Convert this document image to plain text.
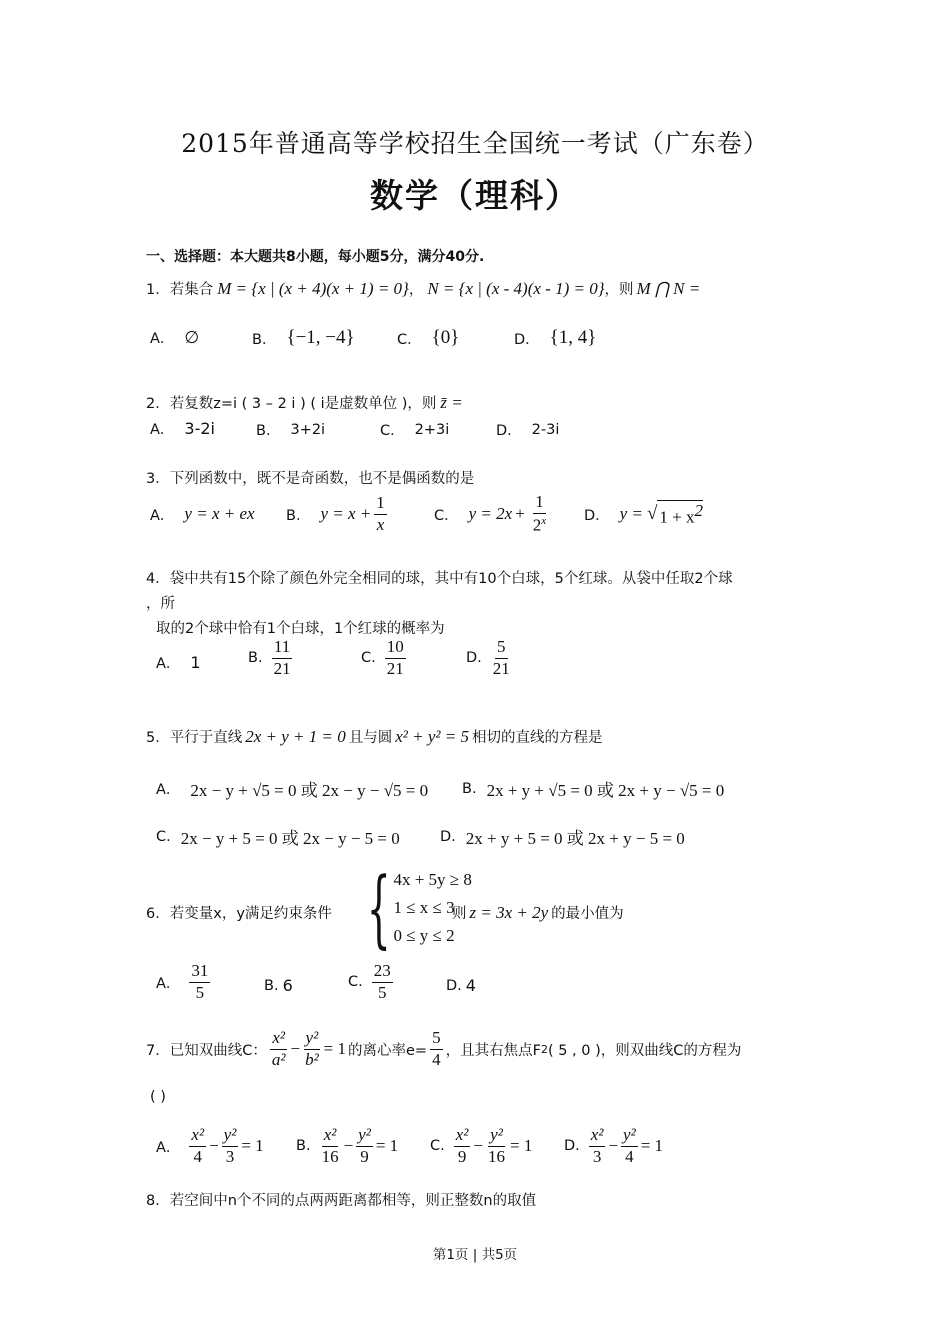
2015年普通高等学校招生全国统一考试（广东卷）
数学（理科）
一、选择题：本大题共8小题，每小题5分，满分40分.
1． 若集合 M = {x | (x + 4)(x + 1) = 0} ， N = {x | (x - 4)(x - 1) = 0} ，则 M ⋂ N =
A． ∅	B． {−1, −4}	C． {0}	D． {1, 4}
2． 若复数z=i ( 3 – 2 i ) ( i是虚数单位 )，则 z̄ =
A． 3-2i	B． 3+2i	C． 2+3i	D． 2-3i
3． 下列函数中，既不是奇函数，也不是偶函数的是
A． y = x + e x B． $y = x + \frac{1}{x}$	C． y = 2 $x + \frac{1}{2^x}$ D． y = √ $1 + x^2$
4． 袋中共有15个除了颜色外完全相同的球，其中有10个白球，5个红球。从袋中任取2个球
，所
取的2个球中恰有1个白球，1个红球的概率为
A． 1	B. $\frac{11}{21}$	C. $\frac{10}{21}$	D. $\frac{5}{21}$
5． 平行于直线 2x + y + 1 = 0 且与圆 x² + y² = 5 相切的直线的方程是
A． 2x − y + √5 = 0 或 2x − y − √5 = 0 B. 2x + y + √5 = 0 或 2x + y − √5 = 0
C. 2x − y + 5 = 0 或 2x − y − 5 = 0	D. 2x + y + 5 = 0 或 2x + y − 5 = 0
6． 若变量x，y满足约束条件 { 4x + 5y ≥ 8
1 ≤ x ≤ 3
0 ≤ y ≤ 2
则 z = 3x + 2y 的最小值为
A． $\frac{31}{5}$	B. 6	C. $\frac{23}{5}$	D. 4
7． 已知双曲线C： $\frac{\text{x²}}{\text{a²}} - \frac{\text{y²}}{\text{b²}} = 1$ 的离心率$e= \frac{5}{4}$ ，且其右焦点F 2 ( 5 , 0 )，则双曲线C的方程为
( )
A． $\frac{\text{x²}}{4} - \frac{\text{y²}}{3} = 1$ B. $\frac{\text{x²}}{16} - \frac{\text{y²}}{9} = 1$ C. $\frac{\text{x²}}{9} - \frac{\text{y²}}{16} = 1$ D. $\frac{\text{x²}}{3} - \frac{\text{y²}}{4} = 1$
8． 若空间中n个不同的点两两距离都相等，则正整数n的取值
第1页 | 共5页
